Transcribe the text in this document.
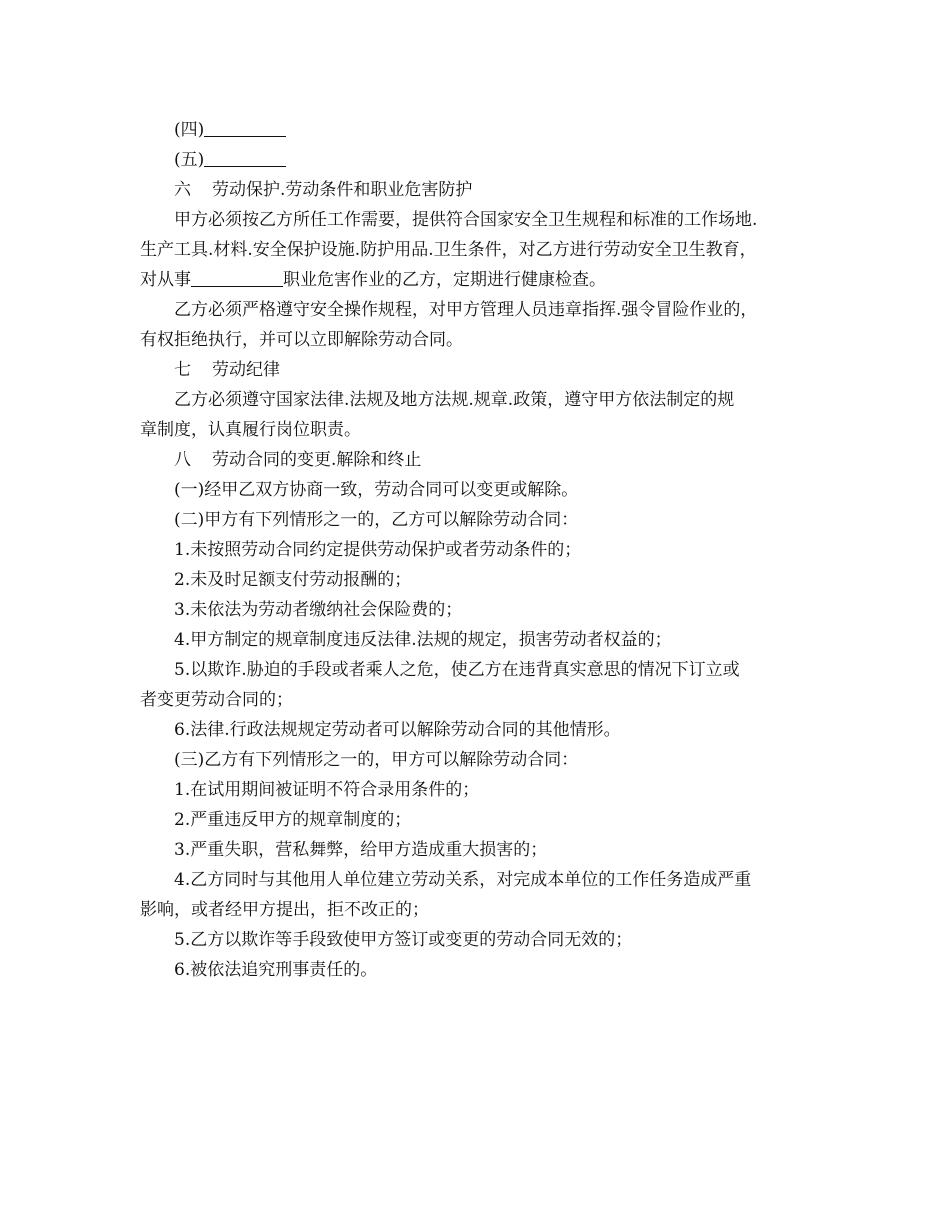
(四)
(五)
六 劳动保护.劳动条件和职业危害防护
甲方必须按乙方所任工作需要，提供符合国家安全卫生规程和标准的工作场地.
生产工具.材料.安全保护设施.防护用品.卫生条件，对乙方进行劳动安全卫生教育，
对从事	职业危害作业的乙方，定期进行健康检查。
乙方必须严格遵守安全操作规程，对甲方管理人员违章指挥.强令冒险作业的，
有权拒绝执行，并可以立即解除劳动合同。
七 劳动纪律
乙方必须遵守国家法律.法规及地方法规.规章.政策，遵守甲方依法制定的规
章制度，认真履行岗位职责。
八 劳动合同的变更.解除和终止
(一)经甲乙双方协商一致，劳动合同可以变更或解除。
(二)甲方有下列情形之一的，乙方可以解除劳动合同：
1.未按照劳动合同约定提供劳动保护或者劳动条件的；
2.未及时足额支付劳动报酬的；
3.未依法为劳动者缴纳社会保险费的；
4.甲方制定的规章制度违反法律.法规的规定，损害劳动者权益的；
5.以欺诈.胁迫的手段或者乘人之危，使乙方在违背真实意思的情况下订立或
者变更劳动合同的；
6.法律.行政法规规定劳动者可以解除劳动合同的其他情形。
(三)乙方有下列情形之一的，甲方可以解除劳动合同：
1.在试用期间被证明不符合录用条件的；
2.严重违反甲方的规章制度的；
3.严重失职，营私舞弊，给甲方造成重大损害的；
4.乙方同时与其他用人单位建立劳动关系，对完成本单位的工作任务造成严重
影响，或者经甲方提出，拒不改正的；
5.乙方以欺诈等手段致使甲方签订或变更的劳动合同无效的；
6.被依法追究刑事责任的。
